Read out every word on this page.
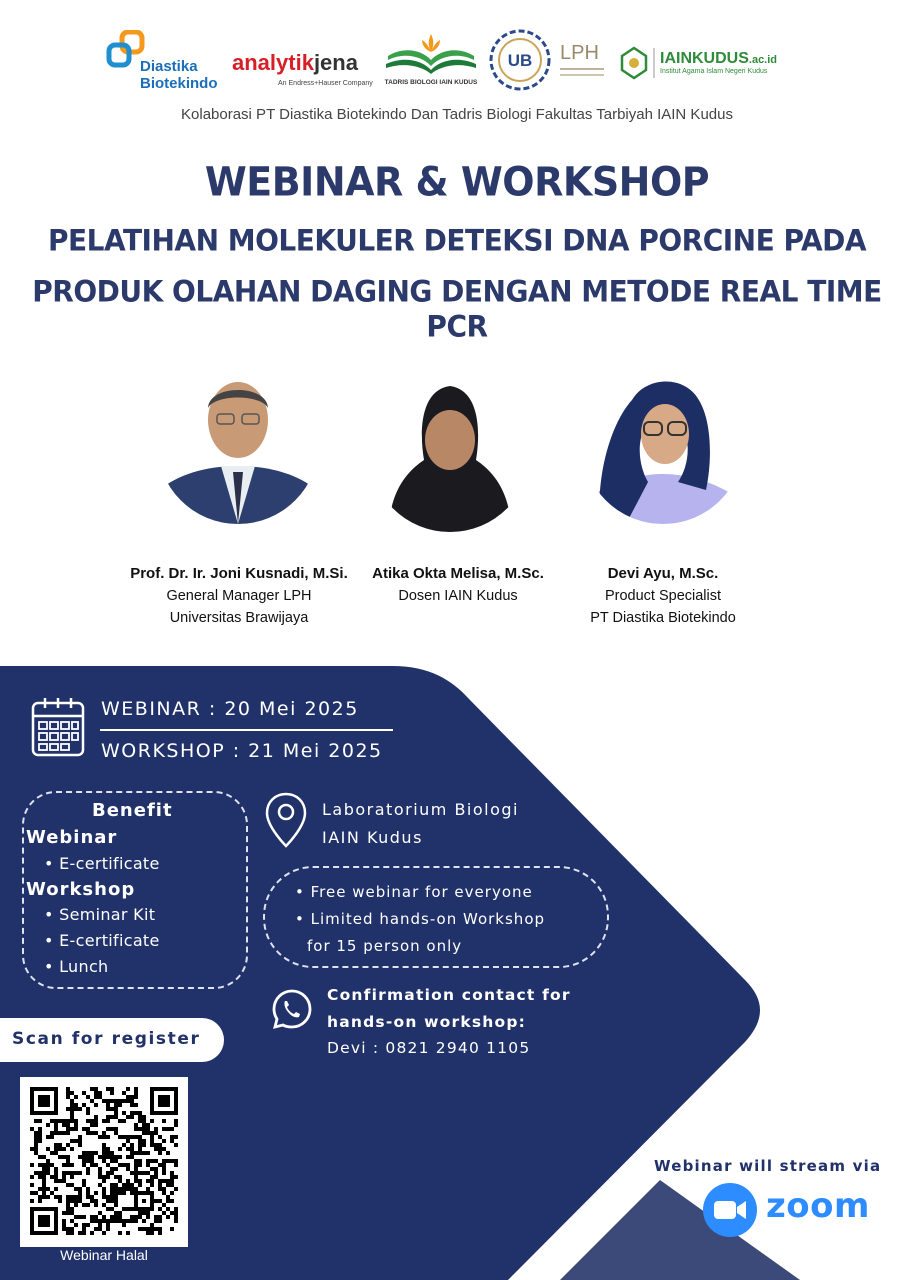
Diastika
Biotekindo
analytikjena
An Endress+Hauser Company	TADRIS BIOLOGI IAIN KUDUS
UB LPH	IAINKUDUS.ac.id
Institut Agama Islam Negeri Kudus
Kolaborasi PT Diastika Biotekindo Dan Tadris Biologi Fakultas Tarbiyah IAIN Kudus
WEBINAR & WORKSHOP
PELATIHAN MOLEKULER DETEKSI DNA PORCINE PADA
PRODUK OLAHAN DAGING DENGAN METODE REAL TIME PCR
Prof. Dr. Ir. Joni Kusnadi, M.Si.
General Manager LPH
Universitas Brawijaya
Atika Okta Melisa, M.Sc.
Dosen IAIN Kudus
Devi Ayu, M.Sc.
Product Specialist
PT Diastika Biotekindo
WEBINAR : 20 Mei 2025
WORKSHOP : 21 Mei 2025
Benefit
Webinar
• E-certificate
Workshop
• Seminar Kit
• E-certificate
• Lunch
Laboratorium Biologi
IAIN Kudus
• Free webinar for everyone
• Limited hands-on Workshop
for 15 person only
Confirmation contact for
hands-on workshop:
Devi : 0821 2940 1105
Scan for register
Webinar Halal
Webinar will stream via
zoom
